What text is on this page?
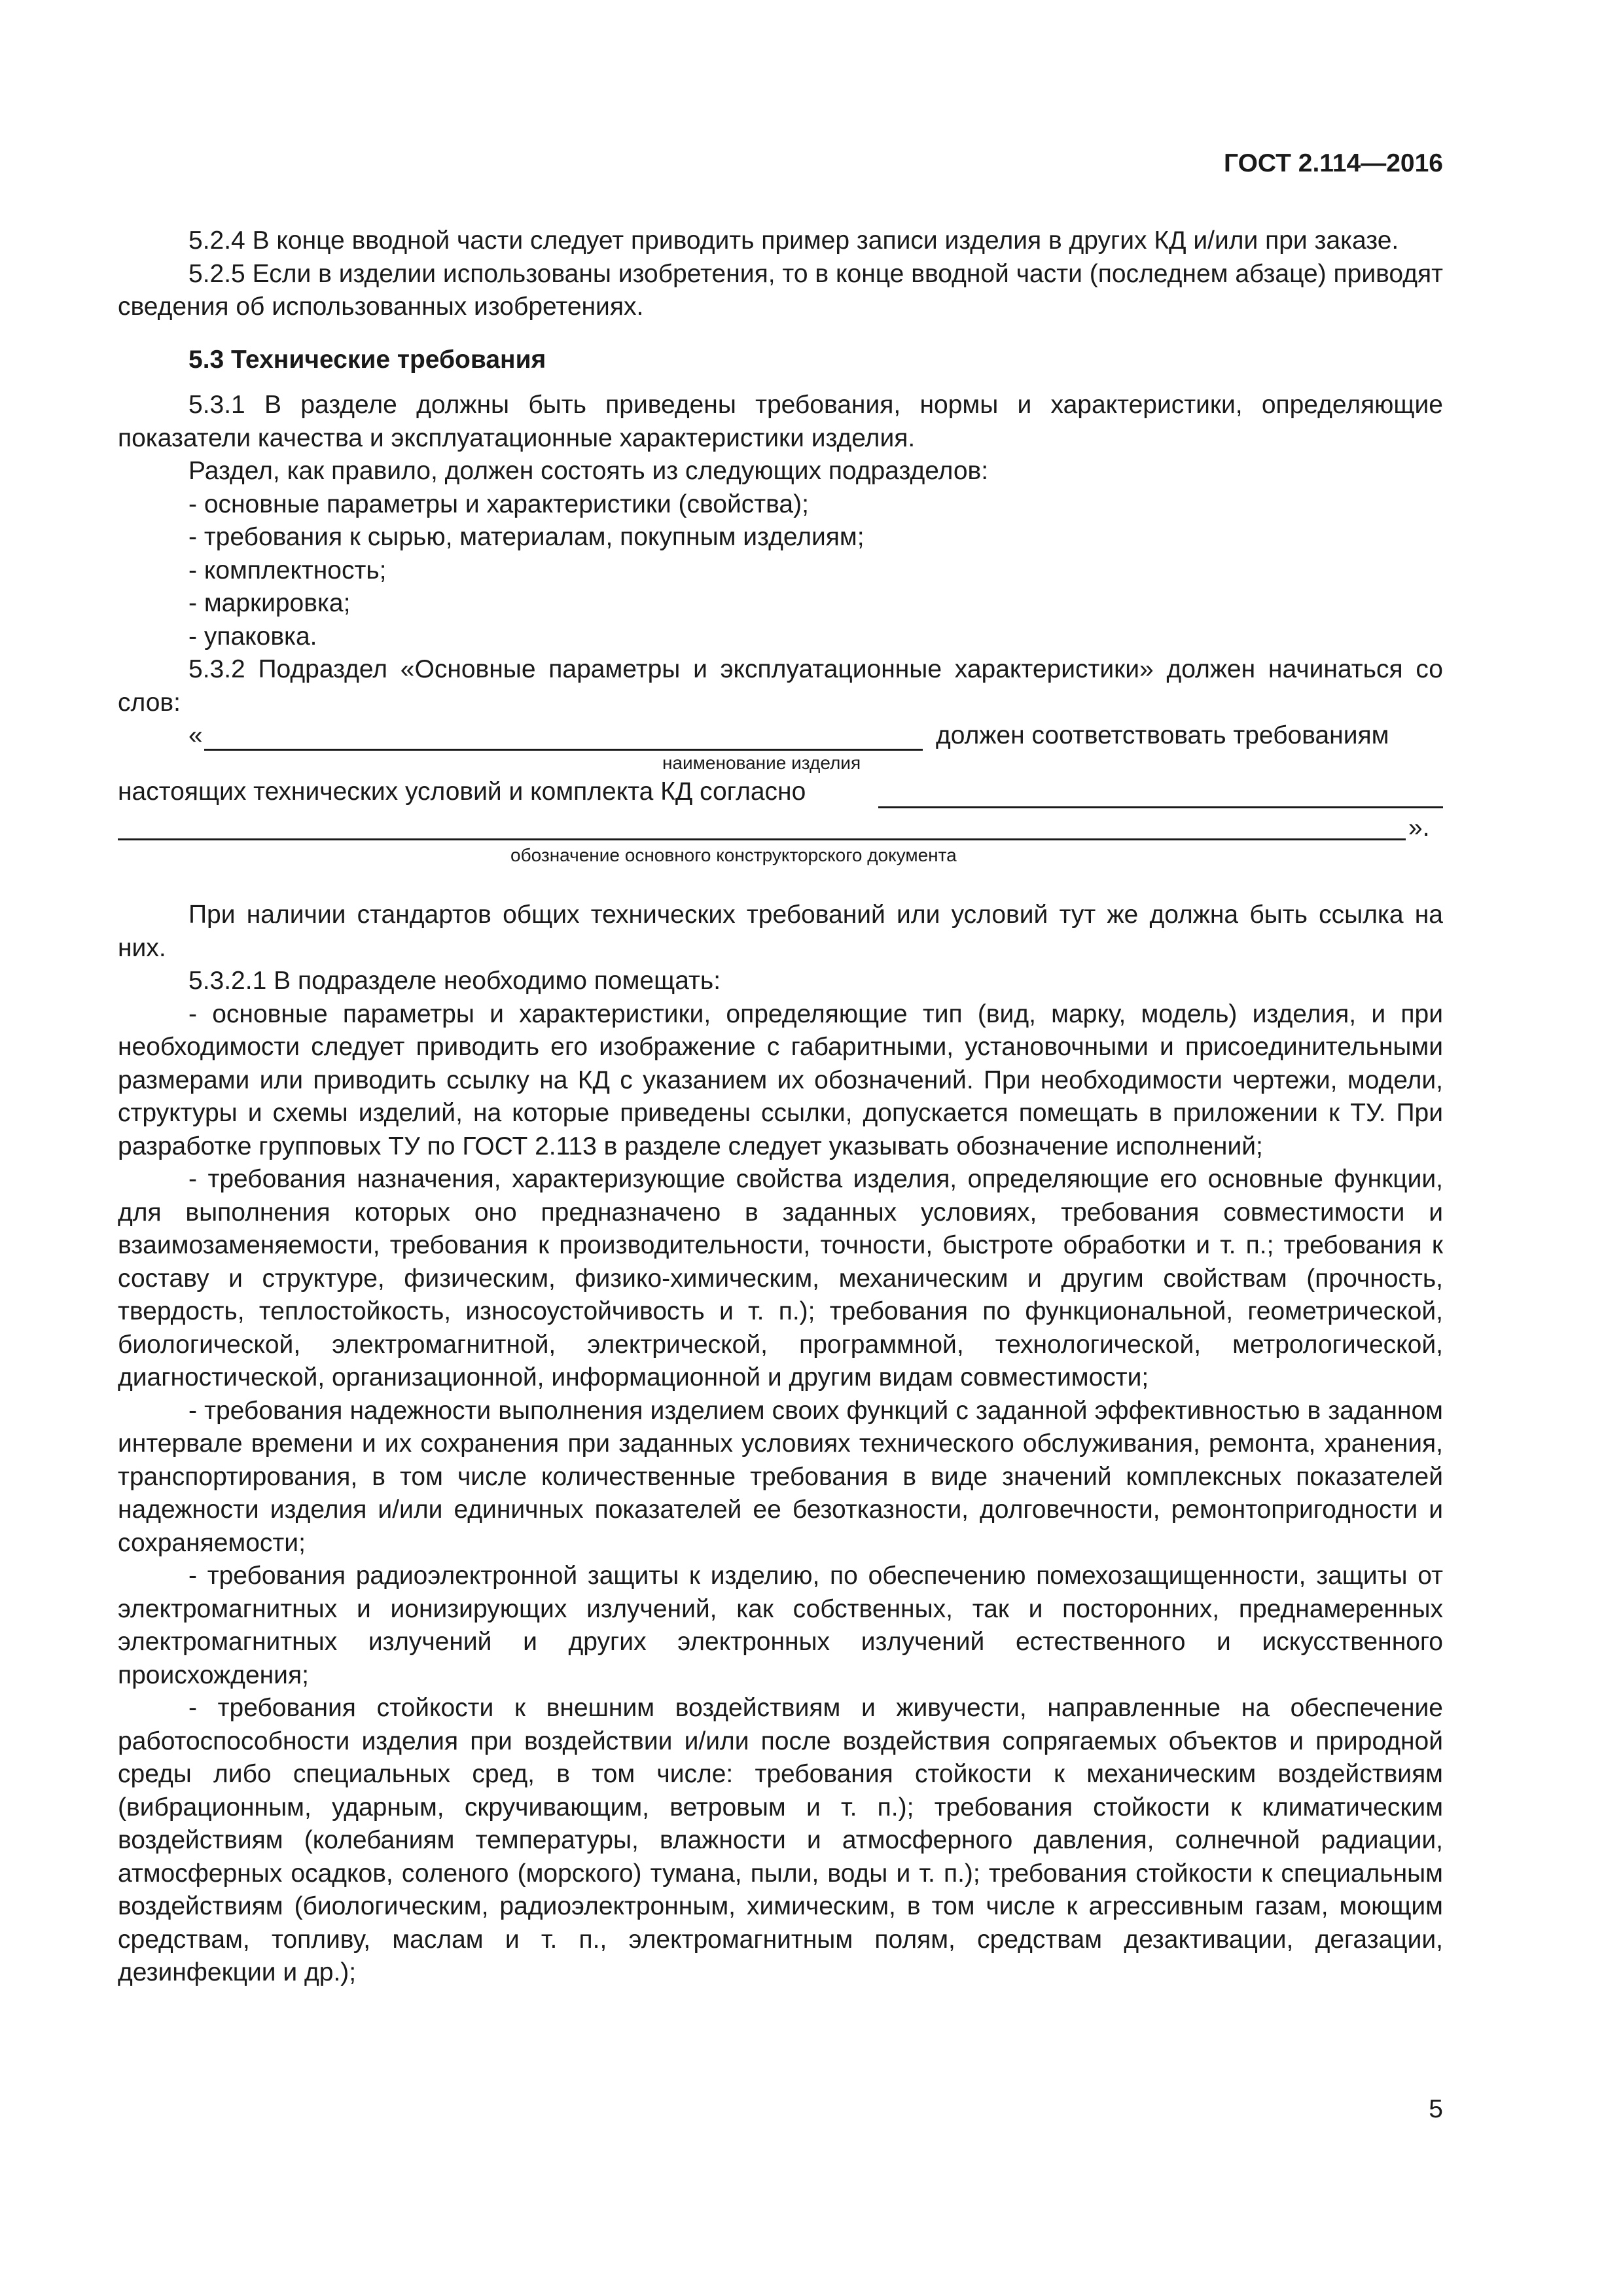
ГОСТ 2.114—2016

5.2.4 В конце вводной части следует приводить пример записи изделия в других КД и/или при заказе.

5.2.5 Если в изделии использованы изобретения, то в конце вводной части (последнем абзаце) приводят сведения об использованных изобретениях.

5.3 Технические требования

5.3.1 В разделе должны быть приведены требования, нормы и характеристики, определяющие показатели качества и эксплуатационные характеристики изделия.

Раздел, как правило, должен состоять из следующих подразделов:

- основные параметры и характеристики (свойства);

- требования к сырью, материалам, покупным изделиям;

- комплектность;

- маркировка;

- упаковка.

5.3.2 Подраздел «Основные параметры и эксплуатационные характеристики» должен начинаться со слов:

«	должен соответствовать требованиям
наименование изделия
настоящих технических условий и комплекта КД согласно
».
обозначение основного конструкторского документа

При наличии стандартов общих технических требований или условий тут же должна быть ссылка на них.

5.3.2.1 В подразделе необходимо помещать:

- основные параметры и характеристики, определяющие тип (вид, марку, модель) изделия, и при необходимости следует приводить его изображение с габаритными, установочными и присоединительными размерами или приводить ссылку на КД с указанием их обозначений. При необходимости чертежи, модели, структуры и схемы изделий, на которые приведены ссылки, допускается помещать в приложении к ТУ. При разработке групповых ТУ по ГОСТ 2.113 в разделе следует указывать обозначение исполнений;

- требования назначения, характеризующие свойства изделия, определяющие его основные функции, для выполнения которых оно предназначено в заданных условиях, требования совместимости и взаимозаменяемости, требования к производительности, точности, быстроте обработки и т. п.; требования к составу и структуре, физическим, физико-химическим, механическим и другим свойствам (прочность, твердость, теплостойкость, износоустойчивость и т. п.); требования по функциональной, геометрической, биологической, электромагнитной, электрической, программной, технологической, метрологической, диагностической, организационной, информационной и другим видам совместимости;

- требования надежности выполнения изделием своих функций с заданной эффективностью в заданном интервале времени и их сохранения при заданных условиях технического обслуживания, ремонта, хранения, транспортирования, в том числе количественные требования в виде значений комплексных показателей надежности изделия и/или единичных показателей ее безотказности, долговечности, ремонтопригодности и сохраняемости;

- требования радиоэлектронной защиты к изделию, по обеспечению помехозащищенности, защиты от электромагнитных и ионизирующих излучений, как собственных, так и посторонних, преднамеренных электромагнитных излучений и других электронных излучений естественного и искусственного происхождения;

- требования стойкости к внешним воздействиям и живучести, направленные на обеспечение работоспособности изделия при воздействии и/или после воздействия сопрягаемых объектов и природной среды либо специальных сред, в том числе: требования стойкости к механическим воздействиям (вибрационным, ударным, скручивающим, ветровым и т. п.); требования стойкости к климатическим воздействиям (колебаниям температуры, влажности и атмосферного давления, солнечной радиации, атмосферных осадков, соленого (морского) тумана, пыли, воды и т. п.); требования стойкости к специальным воздействиям (биологическим, радиоэлектронным, химическим, в том числе к агрессивным газам, моющим средствам, топливу, маслам и т. п., электромагнитным полям, средствам дезактивации, дегазации, дезинфекции и др.);

5
